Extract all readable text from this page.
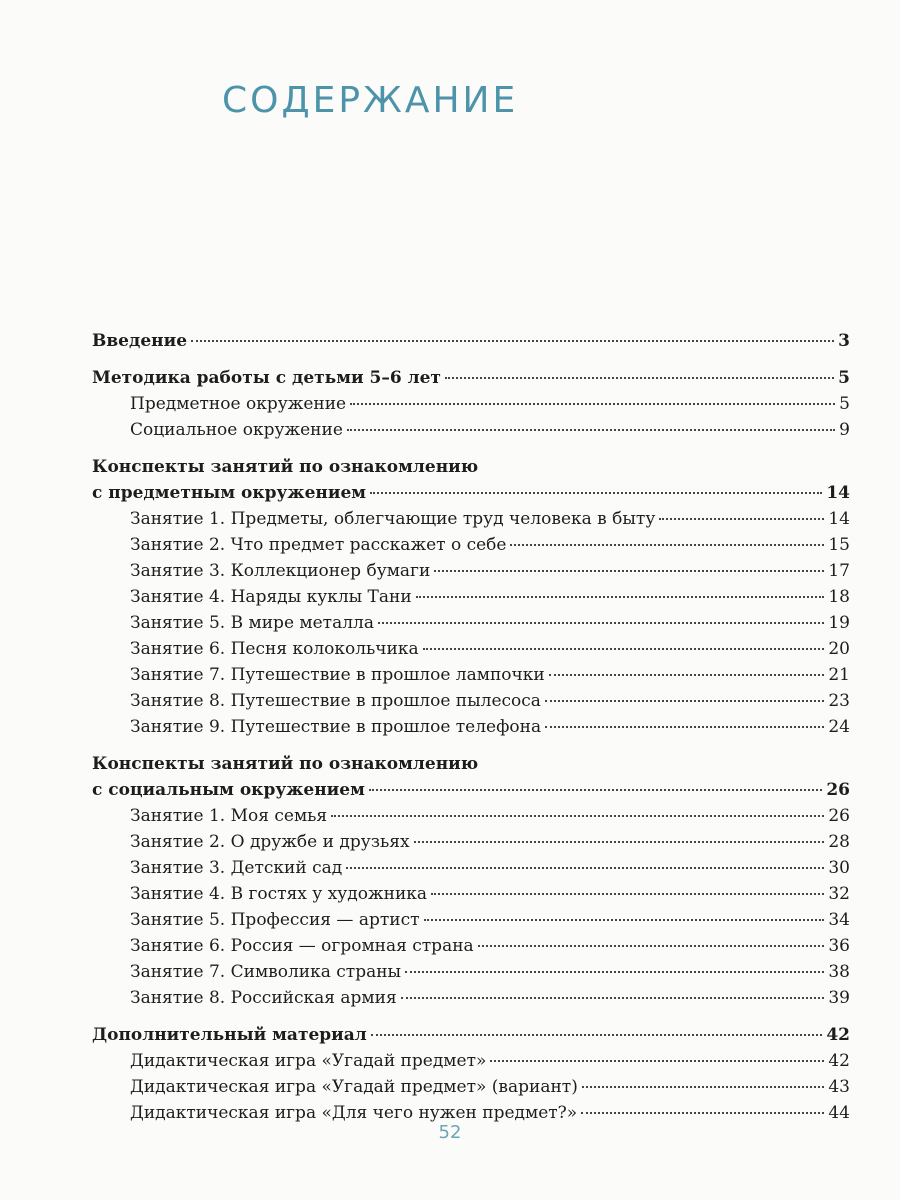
СОДЕРЖАНИЕ
Введение	3
Методика работы с детьми 5–6 лет	5
Предметное окружение	5
Социальное окружение	9
Конспекты занятий по ознакомлению
с предметным окружением	14
Занятие 1. Предметы, облегчающие труд человека в быту	14
Занятие 2. Что предмет расскажет о себе	15
Занятие 3. Коллекционер бумаги	17
Занятие 4. Наряды куклы Тани	18
Занятие 5. В мире металла	19
Занятие 6. Песня колокольчика	20
Занятие 7. Путешествие в прошлое лампочки	21
Занятие 8. Путешествие в прошлое пылесоса	23
Занятие 9. Путешествие в прошлое телефона	24
Конспекты занятий по ознакомлению
с социальным окружением	26
Занятие 1. Моя семья	26
Занятие 2. О дружбе и друзьях	28
Занятие 3. Детский сад	30
Занятие 4. В гостях у художника	32
Занятие 5. Профессия — артист	34
Занятие 6. Россия — огромная страна	36
Занятие 7. Символика страны	38
Занятие 8. Российская армия	39
Дополнительный материал	42
Дидактическая игра «Угадай предмет»	42
Дидактическая игра «Угадай предмет» (вариант)	43
Дидактическая игра «Для чего нужен предмет?»	44
52
